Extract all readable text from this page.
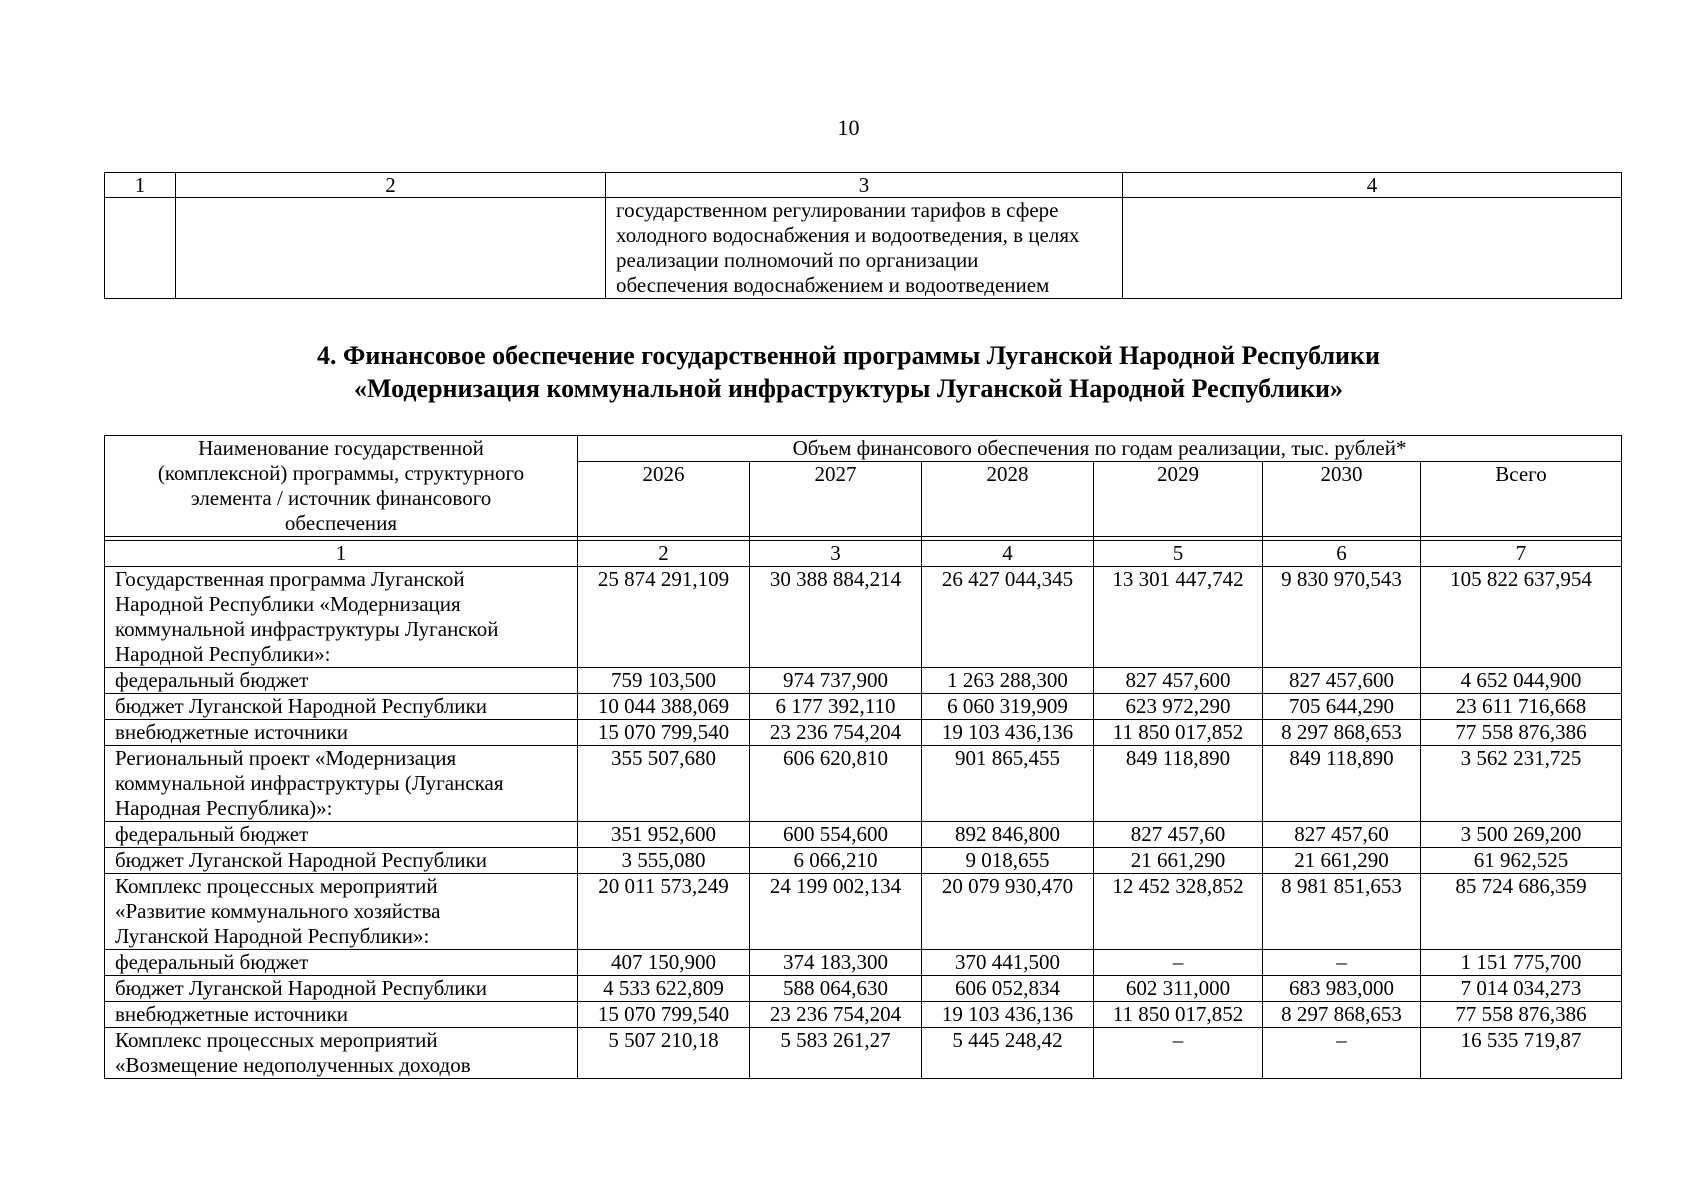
10
1	2	3	4

		государственном регулировании тарифов в сфере
холодного водоснабжения и водоотведения, в целях
реализации полномочий по организации
обеспечения водоснабжением и водоотведением	

4. Финансовое обеспечение государственной программы Луганской Народной Республики
«Модернизация коммунальной инфраструктуры Луганской Народной Республики»
Наименование государственной
(комплексной) программы, структурного
элемента / источник финансового
обеспечения	Объем финансового обеспечения по годам реализации, тыс. рублей*					
	2026	2027	2028	2029	2030	Всего

1	2	3	4	5	6	7

Государственная программа Луганской
Народной Республики «Модернизация
коммунальной инфраструктуры Луганской
Народной Республики»:	25 874 291,109	30 388 884,214	26 427 044,345	13 301 447,742	9 830 970,543	105 822 637,954

федеральный бюджет	759 103,500	974 737,900	1 263 288,300	827 457,600	827 457,600	4 652 044,900

бюджет Луганской Народной Республики	10 044 388,069	6 177 392,110	6 060 319,909	623 972,290	705 644,290	23 611 716,668

внебюджетные источники	15 070 799,540	23 236 754,204	19 103 436,136	11 850 017,852	8 297 868,653	77 558 876,386

Региональный проект «Модернизация
коммунальной инфраструктуры (Луганская
Народная Республика)»:	355 507,680	606 620,810	901 865,455	849 118,890	849 118,890	3 562 231,725

федеральный бюджет	351 952,600	600 554,600	892 846,800	827 457,60	827 457,60	3 500 269,200

бюджет Луганской Народной Республики	3 555,080	6 066,210	9 018,655	21 661,290	21 661,290	61 962,525

Комплекс процессных мероприятий
«Развитие коммунального хозяйства
Луганской Народной Республики»:	20 011 573,249	24 199 002,134	20 079 930,470	12 452 328,852	8 981 851,653	85 724 686,359

федеральный бюджет	407 150,900	374 183,300	370 441,500	–	–	1 151 775,700

бюджет Луганской Народной Республики	4 533 622,809	588 064,630	606 052,834	602 311,000	683 983,000	7 014 034,273

внебюджетные источники	15 070 799,540	23 236 754,204	19 103 436,136	11 850 017,852	8 297 868,653	77 558 876,386

Комплекс процессных мероприятий
«Возмещение недополученных доходов	5 507 210,18	5 583 261,27	5 445 248,42	–	–	16 535 719,87
